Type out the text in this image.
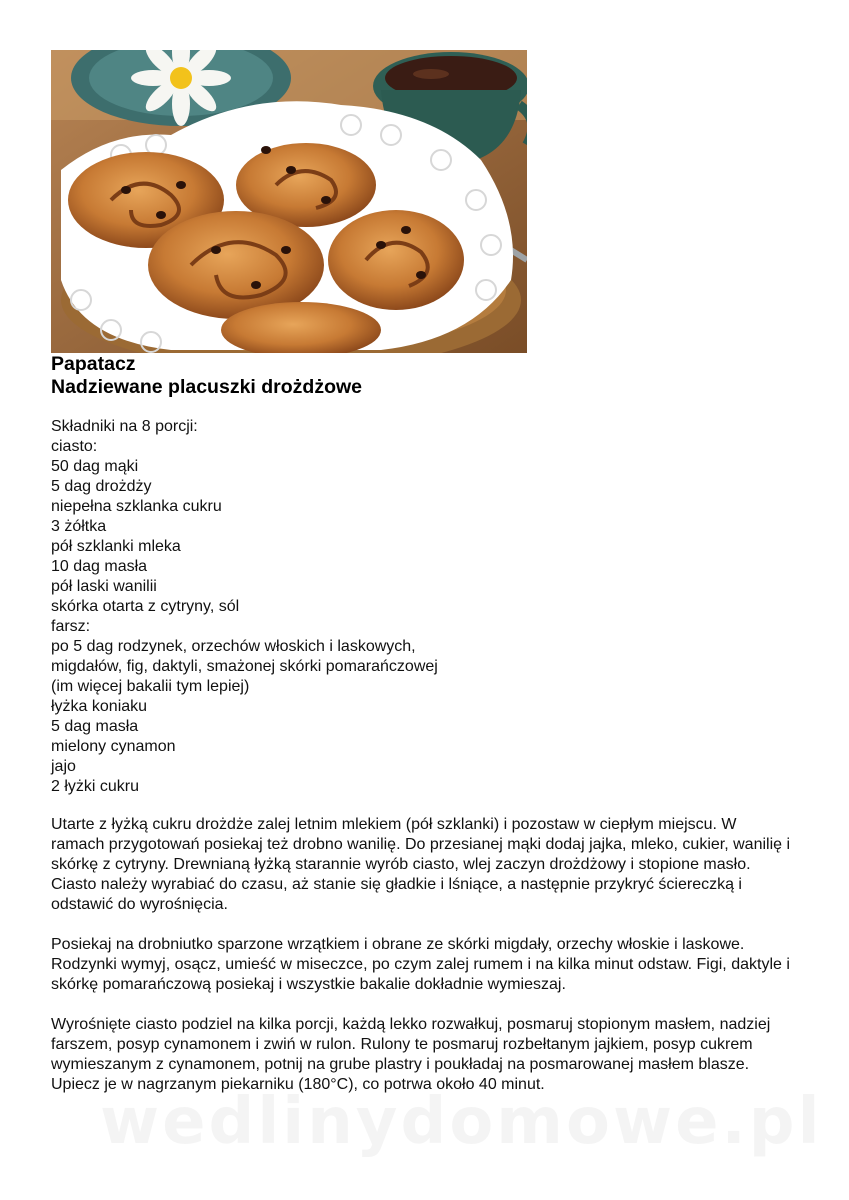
Papatacz
Nadziewane placuszki drożdżowe
Składniki na 8 porcji:
ciasto:
50 dag mąki
5 dag drożdży
niepełna szklanka cukru
3 żółtka
pół szklanki mleka
10 dag masła
pół laski wanilii
skórka otarta z cytryny, sól
farsz:
po 5 dag rodzynek, orzechów włoskich i laskowych,
migdałów, fig, daktyli, smażonej skórki pomarańczowej
(im więcej bakalii tym lepiej)
łyżka koniaku
5 dag masła
mielony cynamon
jajo
2 łyżki cukru

Utarte z łyżką cukru drożdże zalej letnim mlekiem (pół szklanki) i pozostaw w ciepłym miejscu. W ramach przygotowań posiekaj też drobno wanilię. Do przesianej mąki dodaj jajka, mleko, cukier, wanilię i skórkę z cytryny. Drewnianą łyżką starannie wyrób ciasto, wlej zaczyn drożdżowy i stopione masło. Ciasto należy wyrabiać do czasu, aż stanie się gładkie i lśniące, a następnie przykryć ściereczką i odstawić do wyrośnięcia.

Posiekaj na drobniutko sparzone wrzątkiem i obrane ze skórki migdały, orzechy włoskie i laskowe. Rodzynki wymyj, osącz, umieść w miseczce, po czym zalej rumem i na kilka minut odstaw. Figi, daktyle i skórkę pomarańczową posiekaj i wszystkie bakalie dokładnie wymieszaj.

Wyrośnięte ciasto podziel na kilka porcji, każdą lekko rozwałkuj, posmaruj stopionym masłem, nadziej farszem, posyp cynamonem i zwiń w rulon. Rulony te posmaruj rozbełtanym jajkiem, posyp cukrem wymieszanym z cynamonem, potnij na grube plastry i poukładaj na posmarowanej masłem blasze. Upiecz je w nagrzanym piekarniku (180°C), co potrwa około 40 minut.
